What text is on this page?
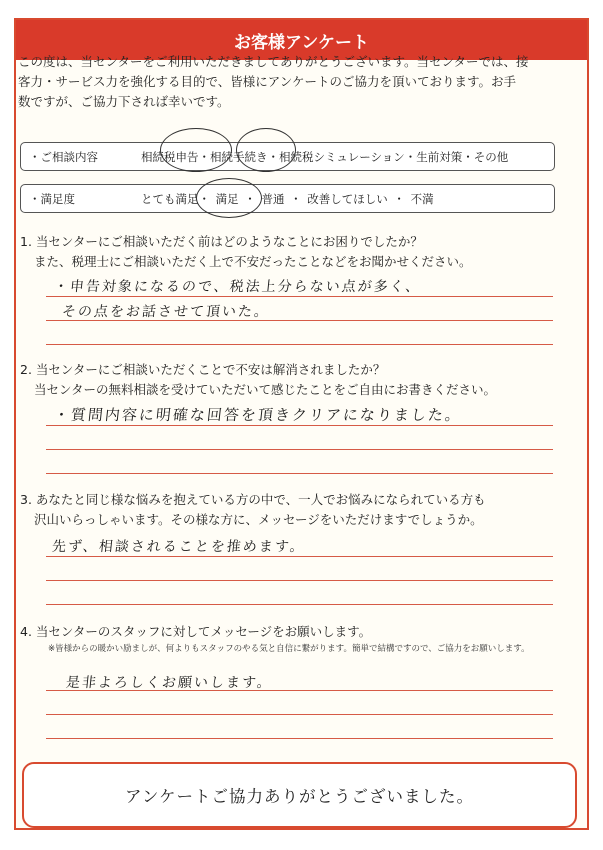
お客様アンケート

この度は、当センターをご利用いただきましてありがとうございます。当センターでは、接

客力・サービス力を強化する目的で、皆様にアンケートのご協力を頂いております。お手

数ですが、ご協力下されば幸いです。

・ご相談内容	相続税申告・相続手続き・相続税シミュレーション・生前対策・その他
・満足度	とても満足・ 満足 ・ 普通 ・ 改善してほしい ・ 不満

1. 当センターにご相談いただく前はどのようなことにお困りでしたか？

また、税理士にご相談いただく上で不安だったことなどをお聞かせください。

・申告対象になるので、税法上分らない点が多く、
その点をお話させて頂いた。

2. 当センターにご相談いただくことで不安は解消されましたか？

当センターの無料相談を受けていただいて感じたことをご自由にお書きください。

・質問内容に明確な回答を頂きクリアになりました。

3. あなたと同じ様な悩みを抱えている方の中で、一人でお悩みになられている方も

沢山いらっしゃいます。その様な方に、メッセージをいただけますでしょうか。

先ず、相談されることを推めます。

4. 当センターのスタッフに対してメッセージをお願いします。

※皆様からの暖かい励ましが、何よりもスタッフのやる気と自信に繋がります。簡単で結構ですので、ご協力をお願いします。

是非よろしくお願いします。
アンケートご協力ありがとうございました。
